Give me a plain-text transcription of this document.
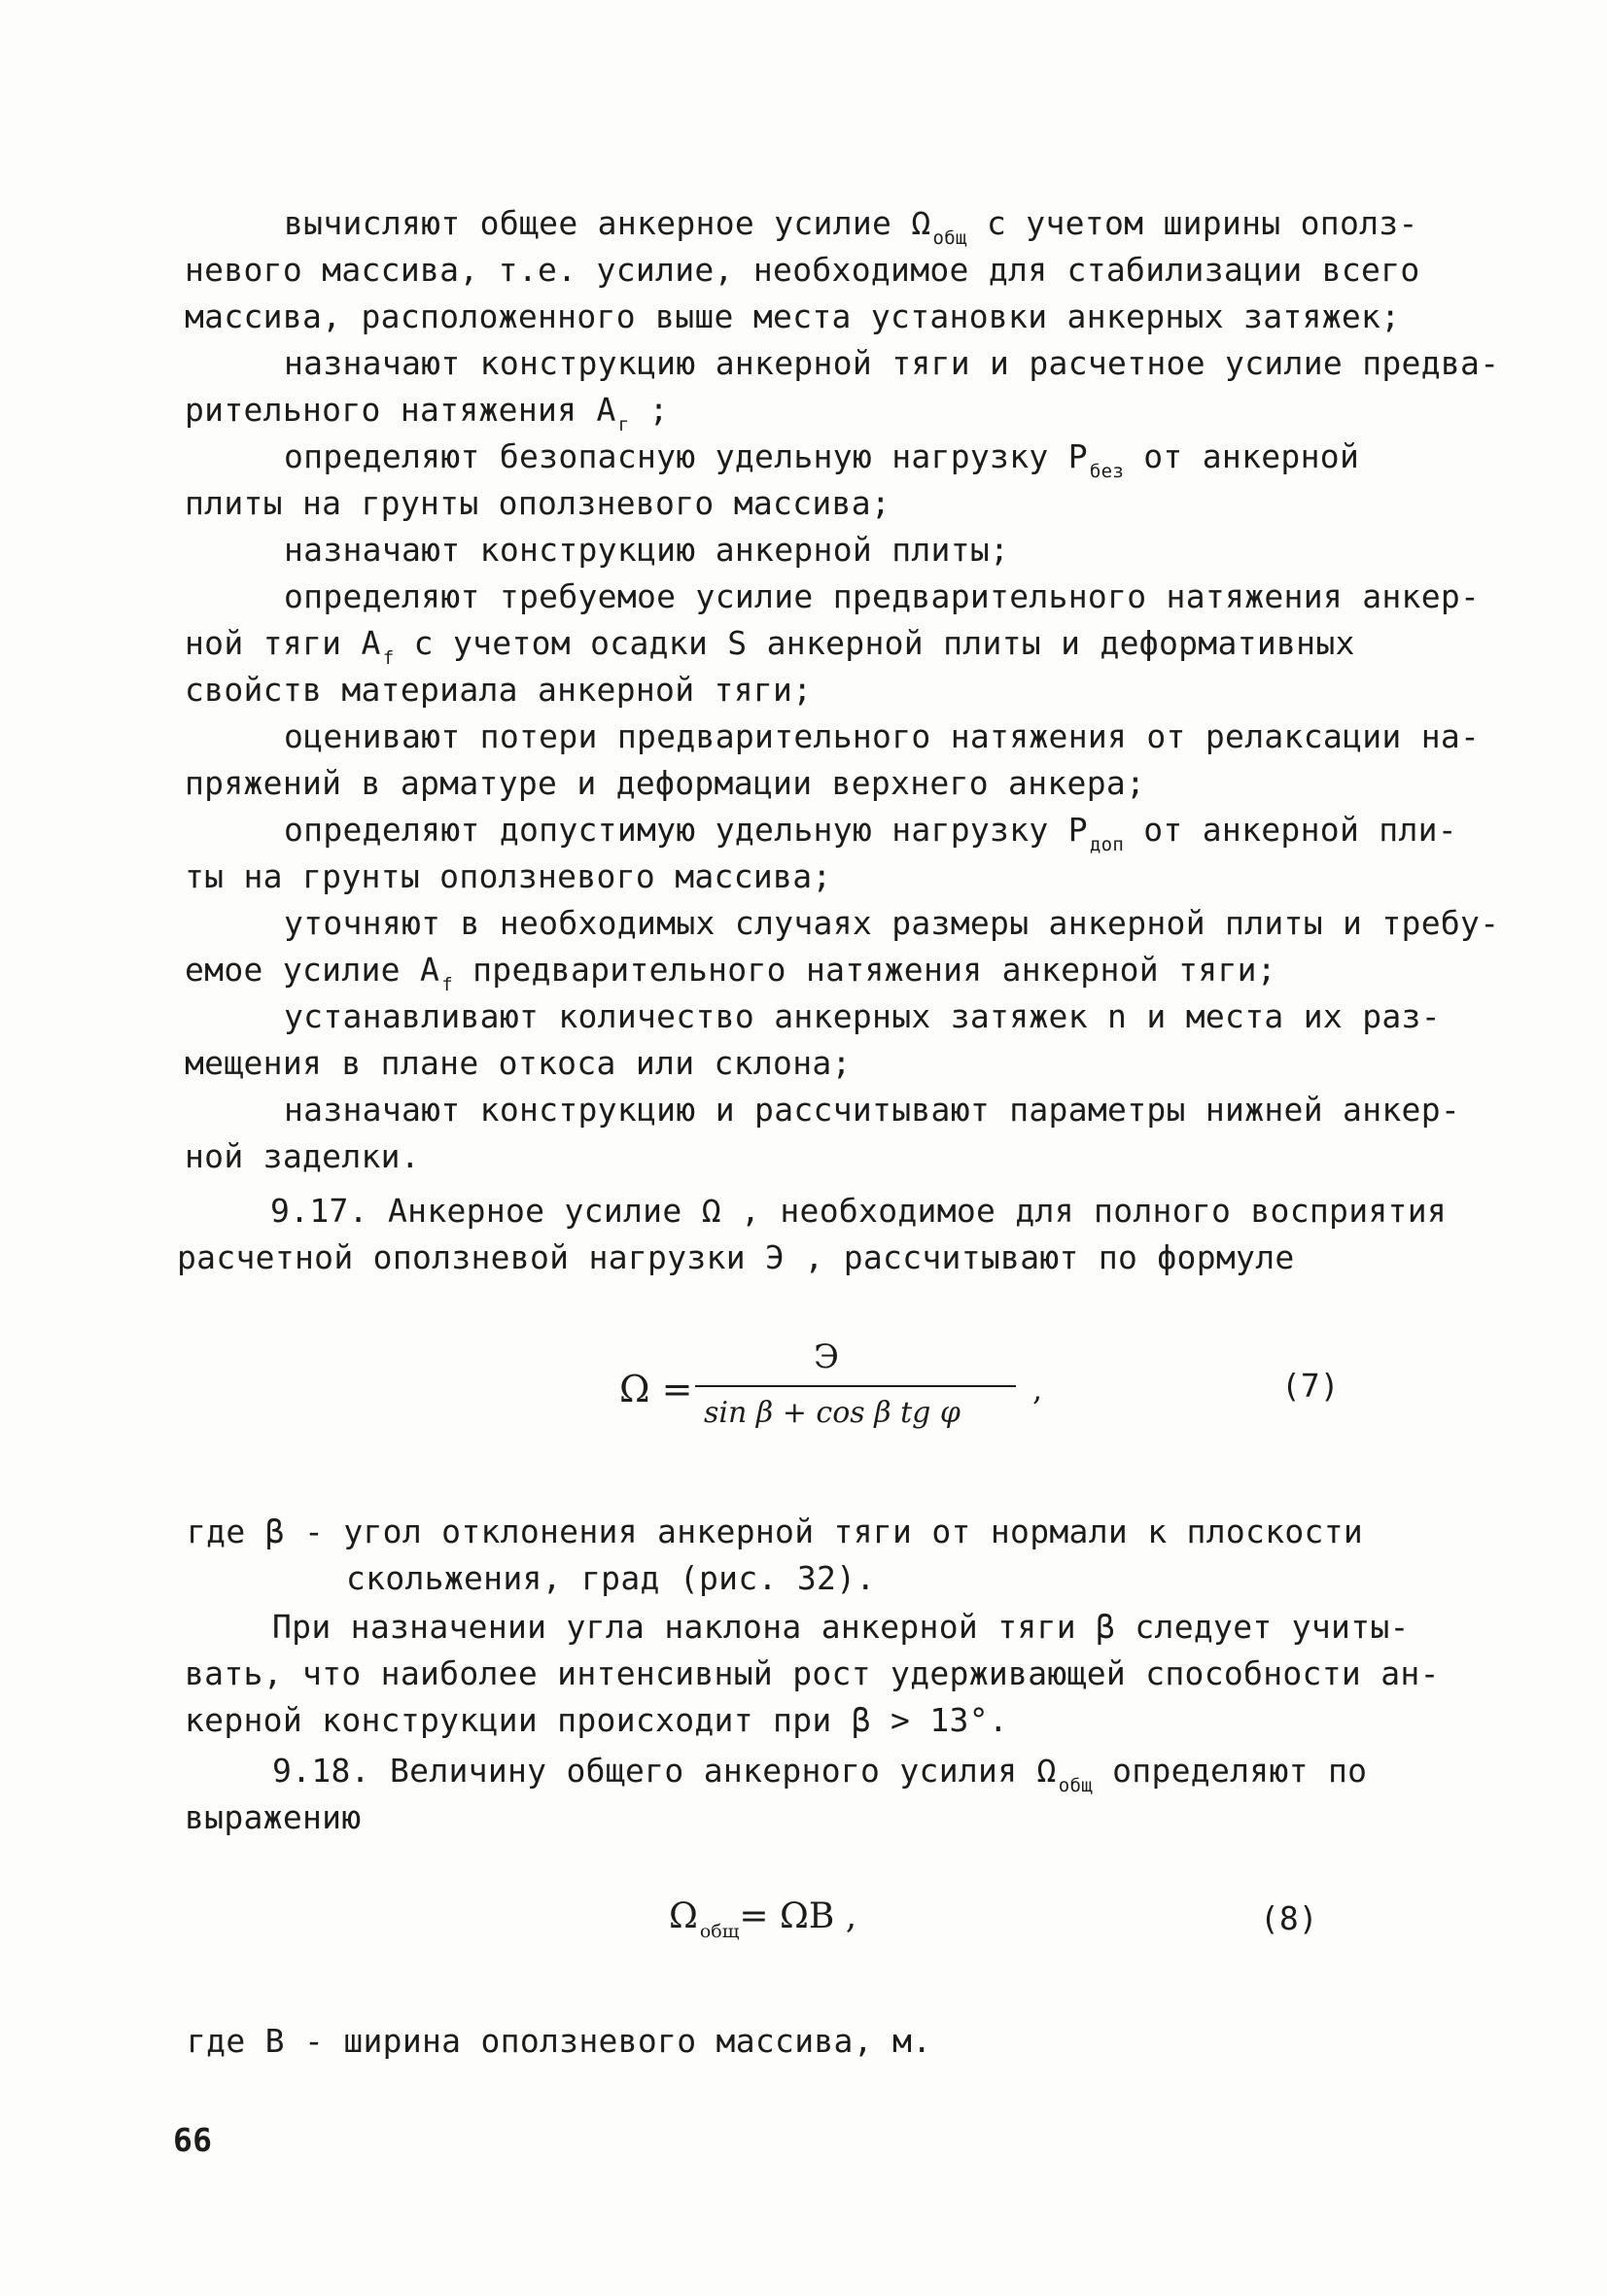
вычисляют общее анкерное усилие Ω $_{общ}$ с учетом ширины ополз-
невого массива, т.е. усилие, необходимое для стабилизации всего
массива, расположенного выше места установки анкерных затяжек;
назначают конструкцию анкерной тяги и расчетное усилие предва-
рительного натяжения А $_г$ ;
определяют безопасную удельную нагрузку Р $_{без}$ от анкерной
плиты на грунты оползневого массива;
назначают конструкцию анкерной плиты;
определяют требуемое усилие предварительного натяжения анкер-
ной тяги А $_f$ с учетом осадки S анкерной плиты и деформативных
свойств материала анкерной тяги;
оценивают потери предварительного натяжения от релаксации на-
пряжений в арматуре и деформации верхнего анкера;
определяют допустимую удельную нагрузку Р $_{доп}$ от анкерной пли-
ты на грунты оползневого массива;
уточняют в необходимых случаях размеры анкерной плиты и требу-
емое усилие А $_f$ предварительного натяжения анкерной тяги;
устанавливают количество анкерных затяжек n и места их раз-
мещения в плане откоса или склона;
назначают конструкцию и рассчитывают параметры нижней анкер-
ной заделки.
9.17. Анкерное усилие Ω , необходимое для полного восприятия
расчетной оползневой нагрузки Э , рассчитывают по формуле
Ω =
Э
sin β + cos β tg φ
,	(7)
где β - угол отклонения анкерной тяги от нормали к плоскости
скольжения, град (рис. 32).
При назначении угла наклона анкерной тяги β следует учиты-
вать, что наиболее интенсивный рост удерживающей способности ан-
керной конструкции происходит при β > 13°.
9.18. Величину общего анкерного усилия Ω $_{общ}$ определяют по
выражению
Ω $_{общ}$= ΩВ ,	(8)
где В - ширина оползневого массива, м.
66
